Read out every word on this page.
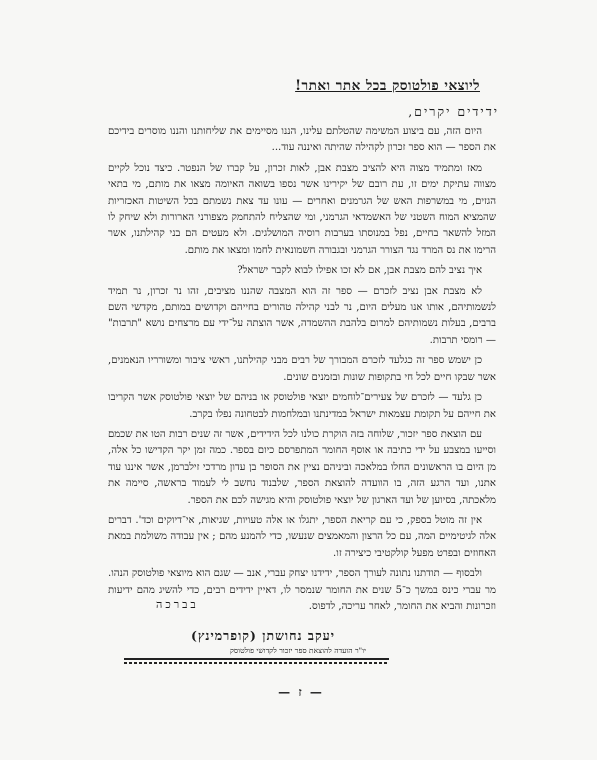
ליוצאי פולטוסק בכל אתר ואתר!
ידידים יקרים,

היום הזה, עם ביצוע המשימה שהטלתם עלינו, הננו מסיימים את שליחותנו והננו מוסרים בידיכם את הספר — הוא ספר זכרון לקהילה שהיתה ואיננה עוד...

מאז ומתמיד מצוה היא להציב מצבת אבן, לאות זכרון, על קברו של הנפטר. כיצד נוכל לקיים מצווה עתיקת ימים זו, עת רובם של יקירינו אשר נספו בשואה האיומה מצאו את מותם, מי בתאי הגזים, מי במשרפות האש של הגרמנים ואחרים — עונו עד צאת נשמתם בכל השיטות האכזריות שהמציא המוח השטני של האשמדאי הגרמני, ומי שהצליח להתחמק מצפורני הארורות ולא שיחק לו המזל להשאר בחיים, נפל במנוסתו בערבות רוסיה המושלגים. ולא מעטים הם בני קהילתנו, אשר הרימו את נס המרד נגד הצורר הגרמני ובגבורה חשמונאית לחמו ומצאו את מותם.

איך נציב להם מצבת אבן, אם לא זכו אפילו לבוא לקבר ישראל?

לא מצבת אבן נציב לזכרם — ספר זה הוא המצבה שהננו מציבים, זהו נר זכרון, נר תמיד לנשמותיהם, אותו אנו מעלים היום, נר לבני קהילה טהורים בחייהם וקדושים במותם, מקדשי השם ברבים, בעלות נשמותיהם למרום בלהבת ההשמדה, אשר הוצתה על־ידי עם מרצחים נושא "תרבות" — רומסי תרבות.

כן ישמש ספר זה כגלעד לזכרם המבורך של רבים מבני קהילתנו, ראשי ציבור ומשורריו הנאמנים, אשר שבקו חיים לכל חי בתקופות שונות ובזמנים שונים.

כן גלעד — לזכרם של צעירים־לוחמים יוצאי פולטוסק או בניהם של יוצאי פולטוסק אשר הקריבו את חייהם על תקומת עצמאות ישראל במדינתנו ובמלחמות לבטחונה נפלו בקרב.

עם הוצאת ספר יזכור, שלוחה בזה הוקרת כולנו לכל הידידים, אשר זה שנים רבות הטו את שכמם וסייעו במצבע על ידי כתיבה או אוסף החומר המתפרסם כיום בספר. כמה זמן יקר הקדישו כל אלה, מן היום בו הראשונים החלו במלאכה וביניהם נציין את הסופר בן עדון מרדכי זילברמן, אשר איננו עוד אתנו, ועד הרגע הזה, בו הוועדה להוצאת הספר, שלבנוד נחשב לי לעמוד בראשה, סיימה את מלאכתה, בסיוען של ועד הארגון של יוצאי פולטוסק והיא מגישה לכם את הספר.

אין זה מוטל בספק, כי עם קריאת הספר, יתגלו או אלה טעויות, שגיאות, אי־דיוקים וכד'. דברים אלה לגיטימיים המה, עם כל הרצון והמאמצים שנעשו, כדי להמנע מהם ; אין עבודה משולמת במאת האחוזים ובפרט מפעל קולקטיבי כיצירה זו.

ולבסוף — תודתנו נתונה לעורך הספר, ידידנו יצחק עברי, אנב — שגם הוא מיוצאי פולטוסק הנהו. מר עברי כינס במשך כ־5 שנים את החומר שנמסר לו, דאיין ידידים רבים, כדי להשיג מהם ידיעות וזכרונות והביא את החומר, לאחר עריכה, לדפוס.

בברכה
יעקב נחושתן (קופרמינץ)
יו"ר הועדה להוצאת ספר יזכור לקדושי פולטוסק
— ז —
